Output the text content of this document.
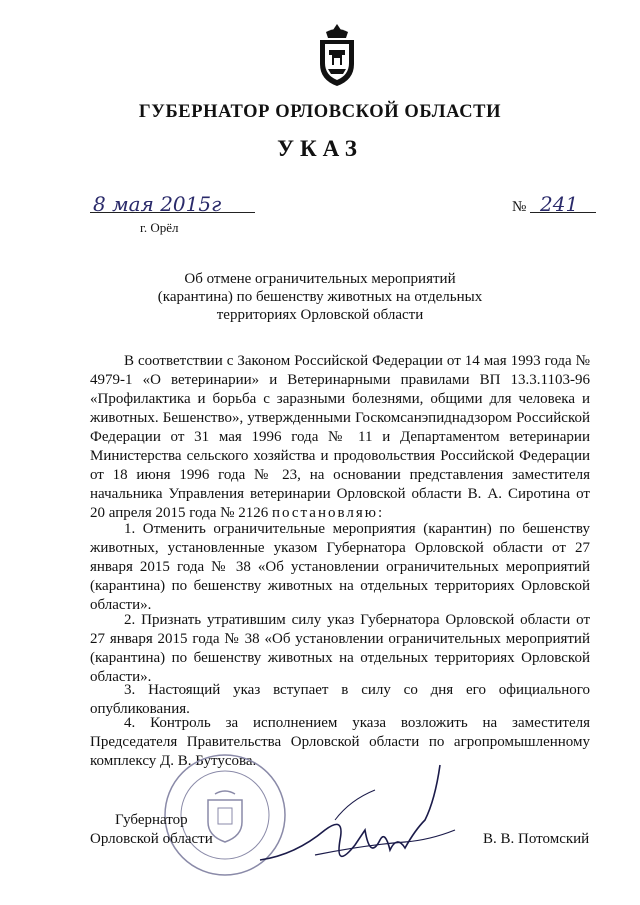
ГУБЕРНАТОР ОРЛОВСКОЙ ОБЛАСТИ
УКАЗ
8 мая 2015г	№ 241
г. Орёл
Об отмене ограничительных мероприятий
(карантина) по бешенству животных на отдельных
территориях Орловской области

В соответствии с Законом Российской Федерации от 14 мая 1993 года № 4979-1 «О ветеринарии» и Ветеринарными правилами ВП 13.3.1103-96 «Профилактика и борьба с заразными болезнями, общими для человека и животных. Бешенство», утвержденными Госкомсанэпиднадзором Российской Федерации от 31 мая 1996 года № 11 и Департаментом ветеринарии Министерства сельского хозяйства и продовольствия Российской Федерации от 18 июня 1996 года № 23, на основании представления заместителя начальника Управления ветеринарии Орловской области В. А. Сиротина от 20 апреля 2015 года № 2126 постановляю:

1. Отменить ограничительные мероприятия (карантин) по бешенству животных, установленные указом Губернатора Орловской области от 27 января 2015 года № 38 «Об установлении ограничительных мероприятий (карантина) по бешенству животных на отдельных территориях Орловской области».

2. Признать утратившим силу указ Губернатора Орловской области от 27 января 2015 года № 38 «Об установлении ограничительных мероприятий (карантина) по бешенству животных на отдельных территориях Орловской области».

3. Настоящий указ вступает в силу со дня его официального опубликования.

4. Контроль за исполнением указа возложить на заместителя Председателя Правительства Орловской области по агропромышленному комплексу Д. В. Бутусова.

Губернатор
Орловской области	В. В. Потомский
